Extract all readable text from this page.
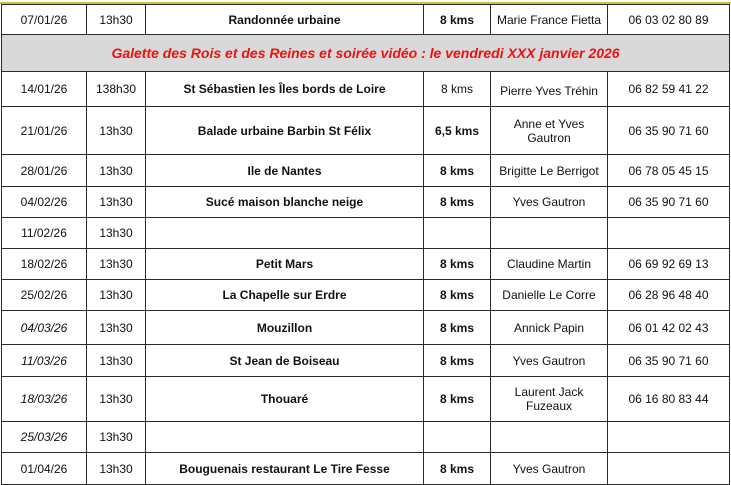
07/01/26	13h30	Randonnée urbaine	8 kms	Marie France Fietta	06 03 02 80 89
Galette des Rois et des Reines et soirée vidéo : le vendredi XXX janvier 2026					
14/01/26	138h30	St Sébastien les Îles bords de Loire	8 kms	Pierre Yves Tréhin	06 82 59 41 22
21/01/26	13h30	Balade urbaine Barbin St Félix	6,5 kms	Anne et Yves Gautron	06 35 90 71 60
28/01/26	13h30	Ile de Nantes	8 kms	Brigitte Le Berrigot	06 78 05 45 15
04/02/26	13h30	Sucé maison blanche neige	8 kms	Yves Gautron	06 35 90 71 60
11/02/26	13h30				
18/02/26	13h30	Petit Mars	8 kms	Claudine Martin	06 69 92 69 13
25/02/26	13h30	La Chapelle sur Erdre	8 kms	Danielle Le Corre	06 28 96 48 40
04/03/26	13h30	Mouzillon	8 kms	Annick Papin	06 01 42 02 43
11/03/26	13h30	St Jean de Boiseau	8 kms	Yves Gautron	06 35 90 71 60
18/03/26	13h30	Thouaré	8 kms	Laurent Jack Fuzeaux	06 16 80 83 44
25/03/26	13h30				
01/04/26	13h30	Bouguenais restaurant Le Tire Fesse	8 kms	Yves Gautron	
